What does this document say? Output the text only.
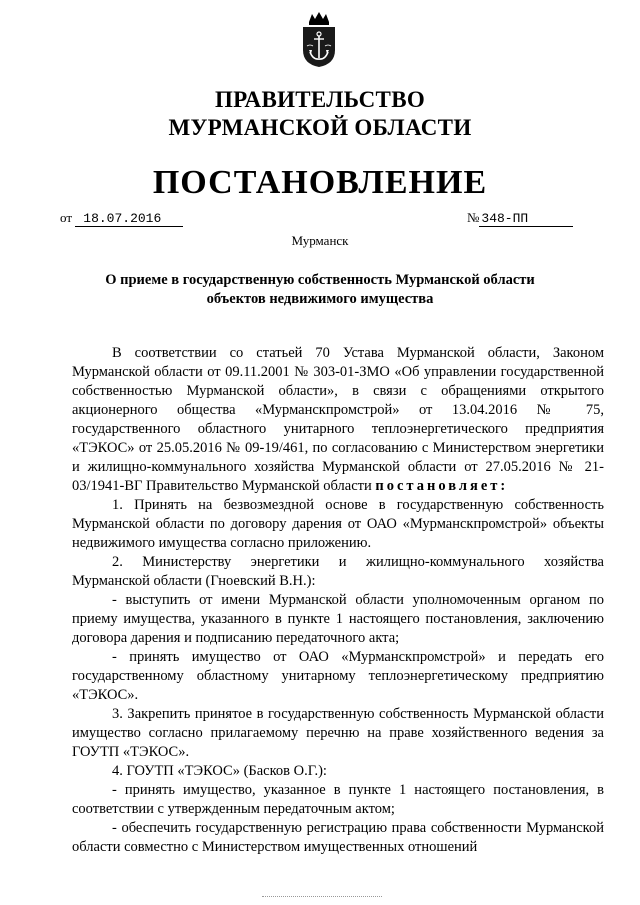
ПРАВИТЕЛЬСТВО
МУРМАНСКОЙ ОБЛАСТИ
ПОСТАНОВЛЕНИЕ
от 18.07.2016	№ 348-ПП
Мурманск
О приеме в государственную собственность Мурманской области
объектов недвижимого имущества

В соответствии со статьей 70 Устава Мурманской области, Законом Мурманской области от 09.11.2001 № 303-01-ЗМО «Об управлении государственной собственностью Мурманской области», в связи с обращениями открытого акционерного общества «Мурманскпромстрой» от 13.04.2016 № 75, государственного областного унитарного теплоэнергетического предприятия «ТЭКОС» от 25.05.2016 № 09-19/461, по согласованию с Министерством энергетики и жилищно-коммунального хозяйства Мурманской области от 27.05.2016 № 21-03/1941-ВГ Правительство Мурманской области постановляет:

1. Принять на безвозмездной основе в государственную собственность Мурманской области по договору дарения от ОАО «Мурманскпромстрой» объекты недвижимого имущества согласно приложению.

2. Министерству энергетики и жилищно-коммунального хозяйства Мурманской области (Гноевский В.Н.):

- выступить от имени Мурманской области уполномоченным органом по приему имущества, указанного в пункте 1 настоящего постановления, заключению договора дарения и подписанию передаточного акта;

- принять имущество от ОАО «Мурманскпромстрой» и передать его государственному областному унитарному теплоэнергетическому предприятию «ТЭКОС».

3. Закрепить принятое в государственную собственность Мурманской области имущество согласно прилагаемому перечню на праве хозяйственного ведения за ГОУТП «ТЭКОС».

4. ГОУТП «ТЭКОС» (Басков О.Г.):

- принять имущество, указанное в пункте 1 настоящего постановления, в соответствии с утвержденным передаточным актом;

- обеспечить государственную регистрацию права собственности Мурманской области совместно с Министерством имущественных отношений
